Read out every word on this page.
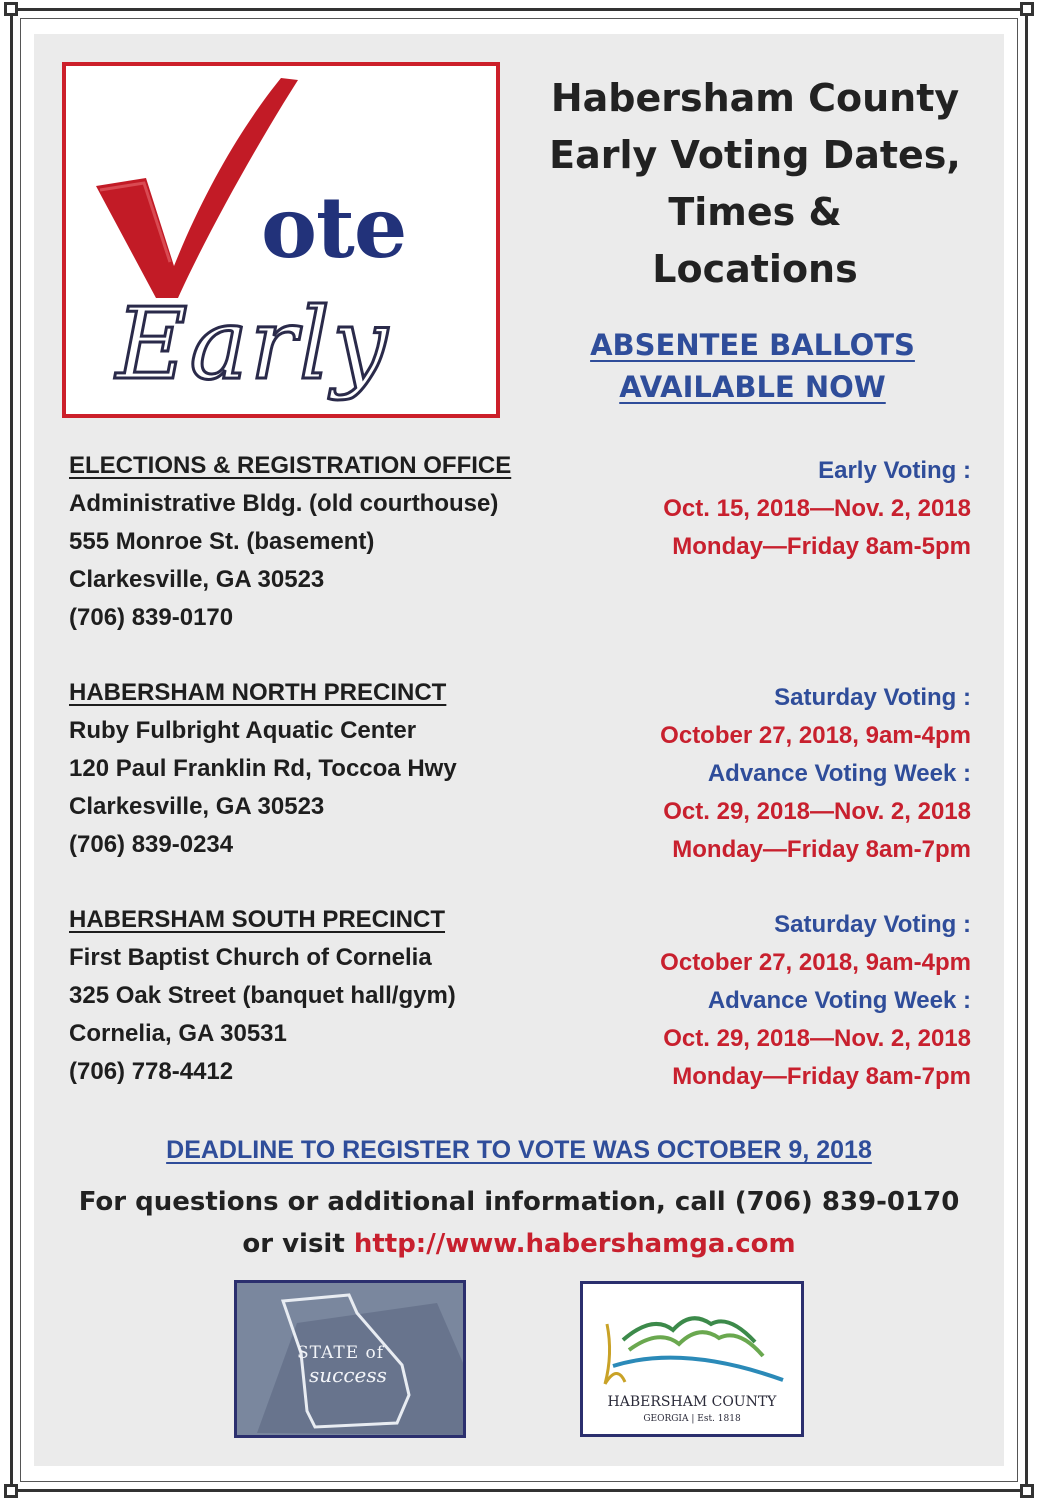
ote
Early
Habersham County
Early Voting Dates,
Times &
Locations
ABSENTEE BALLOTS
AVAILABLE NOW
ELECTIONS & REGISTRATION OFFICE
Administrative Bldg. (old courthouse)
555 Monroe St. (basement)
Clarkesville, GA 30523
(706) 839-0170
HABERSHAM NORTH PRECINCT
Ruby Fulbright Aquatic Center
120 Paul Franklin Rd, Toccoa Hwy
Clarkesville, GA 30523
(706) 839-0234
HABERSHAM SOUTH PRECINCT
First Baptist Church of Cornelia
325 Oak Street (banquet hall/gym)
Cornelia, GA 30531
(706) 778-4412
Early Voting :
Oct. 15, 2018—Nov. 2, 2018
Monday—Friday 8am-5pm
Saturday Voting :
October 27, 2018, 9am-4pm
Advance Voting Week :
Oct. 29, 2018—Nov. 2, 2018
Monday—Friday 8am-7pm
Saturday Voting :
October 27, 2018, 9am-4pm
Advance Voting Week :
Oct. 29, 2018—Nov. 2, 2018
Monday—Friday 8am-7pm
DEADLINE TO REGISTER TO VOTE WAS OCTOBER 9, 2018
For questions or additional information, call (706) 839-0170
or visit http://www.habershamga.com
STATE of
success
HABERSHAM COUNTY
GEORGIA | Est. 1818
